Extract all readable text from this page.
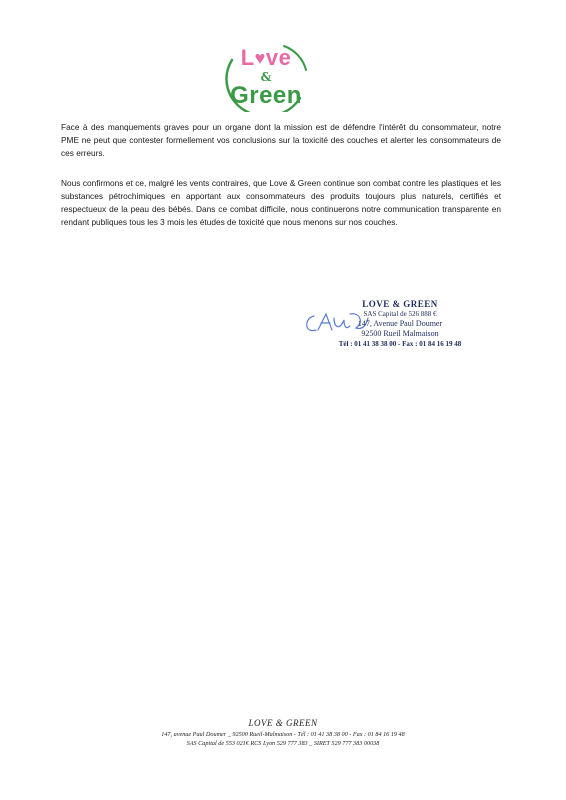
L♥ve
&
Green

Face à des manquements graves pour un organe dont la mission est de défendre l'intérêt du consommateur, notre PME ne peut que contester formellement vos conclusions sur la toxicité des couches et alerter les consommateurs de ces erreurs.

Nous confirmons et ce, malgré les vents contraires, que Love & Green continue son combat contre les plastiques et les substances pétrochimiques en apportant aux consommateurs des produits toujours plus naturels, certifiés et respectueux de la peau des bébés. Dans ce combat difficile, nous continuerons notre communication transparente en rendant publiques tous les 3 mois les études de toxicité que nous menons sur nos couches.

LOVE & GREEN
SAS Capital de 526 888 €
147, Avenue Paul Doumer
92500 Rueil Malmaison
Tél : 01 41 38 38 00 - Fax : 01 84 16 19 48
LOVE & GREEN
147, avenue Paul Doumer _ 92500 Rueil-Malmaison - Tél : 01 41 38 38 00 - Fax : 01 84 16 19 48
SAS Capital de 553 021€ RCS Lyon 529 777 383 _ SIRET 529 777 383 00038
